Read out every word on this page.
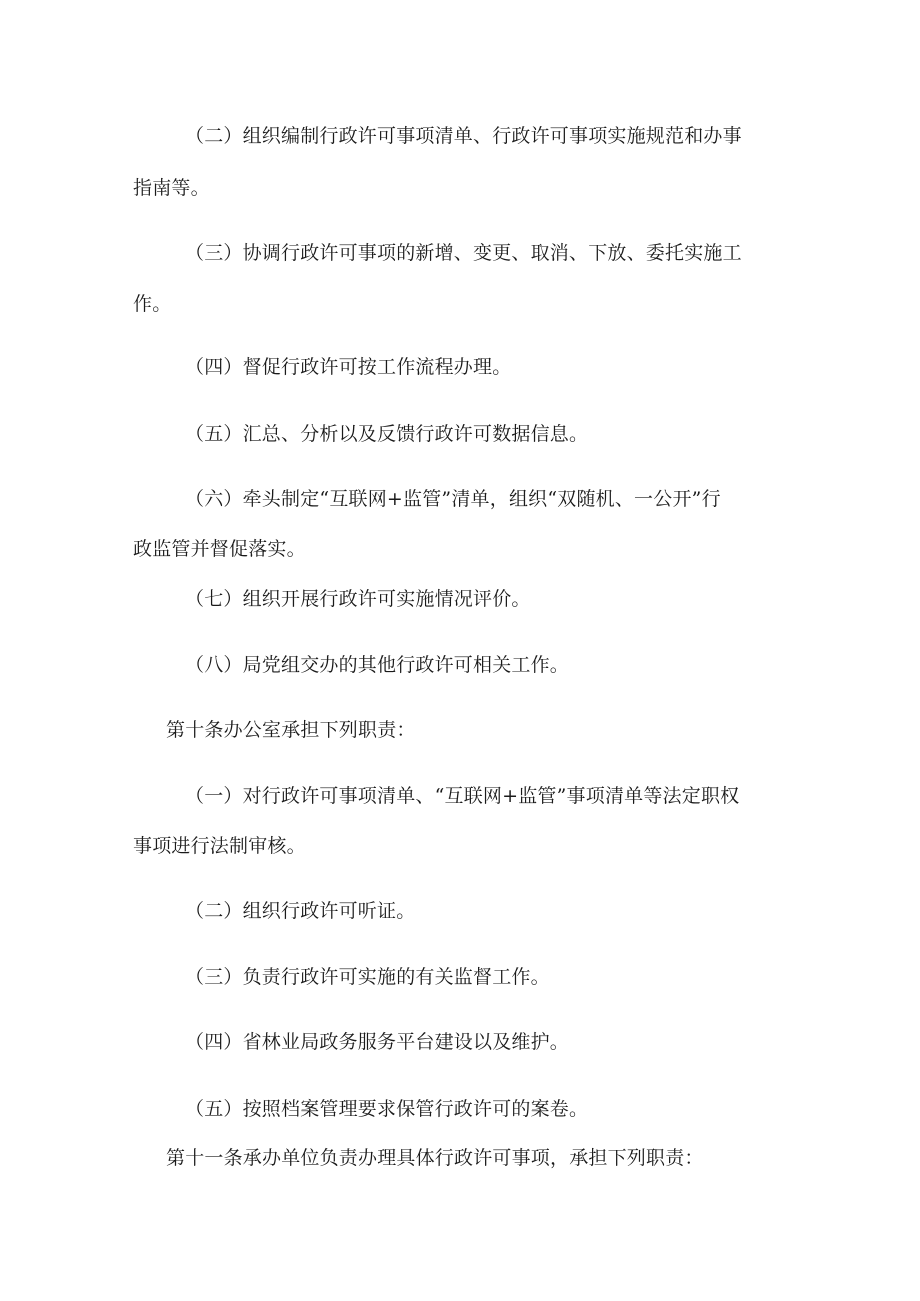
（二）组织编制行政许可事项清单、行政许可事项实施规范和办事
指南等。
（三）协调行政许可事项的新增、变更、取消、下放、委托实施工
作。
（四）督促行政许可按工作流程办理。
（五）汇总、分析以及反馈行政许可数据信息。
（六）牵头制定“互联网+监管”清单，组织“双随机、一公开”行
政监管并督促落实。
（七）组织开展行政许可实施情况评价。
（八）局党组交办的其他行政许可相关工作。
第十条办公室承担下列职责：
（一）对行政许可事项清单、“互联网+监管”事项清单等法定职权
事项进行法制审核。
（二）组织行政许可听证。
（三）负责行政许可实施的有关监督工作。
（四）省林业局政务服务平台建设以及维护。
（五）按照档案管理要求保管行政许可的案卷。
第十一条承办单位负责办理具体行政许可事项，承担下列职责：
